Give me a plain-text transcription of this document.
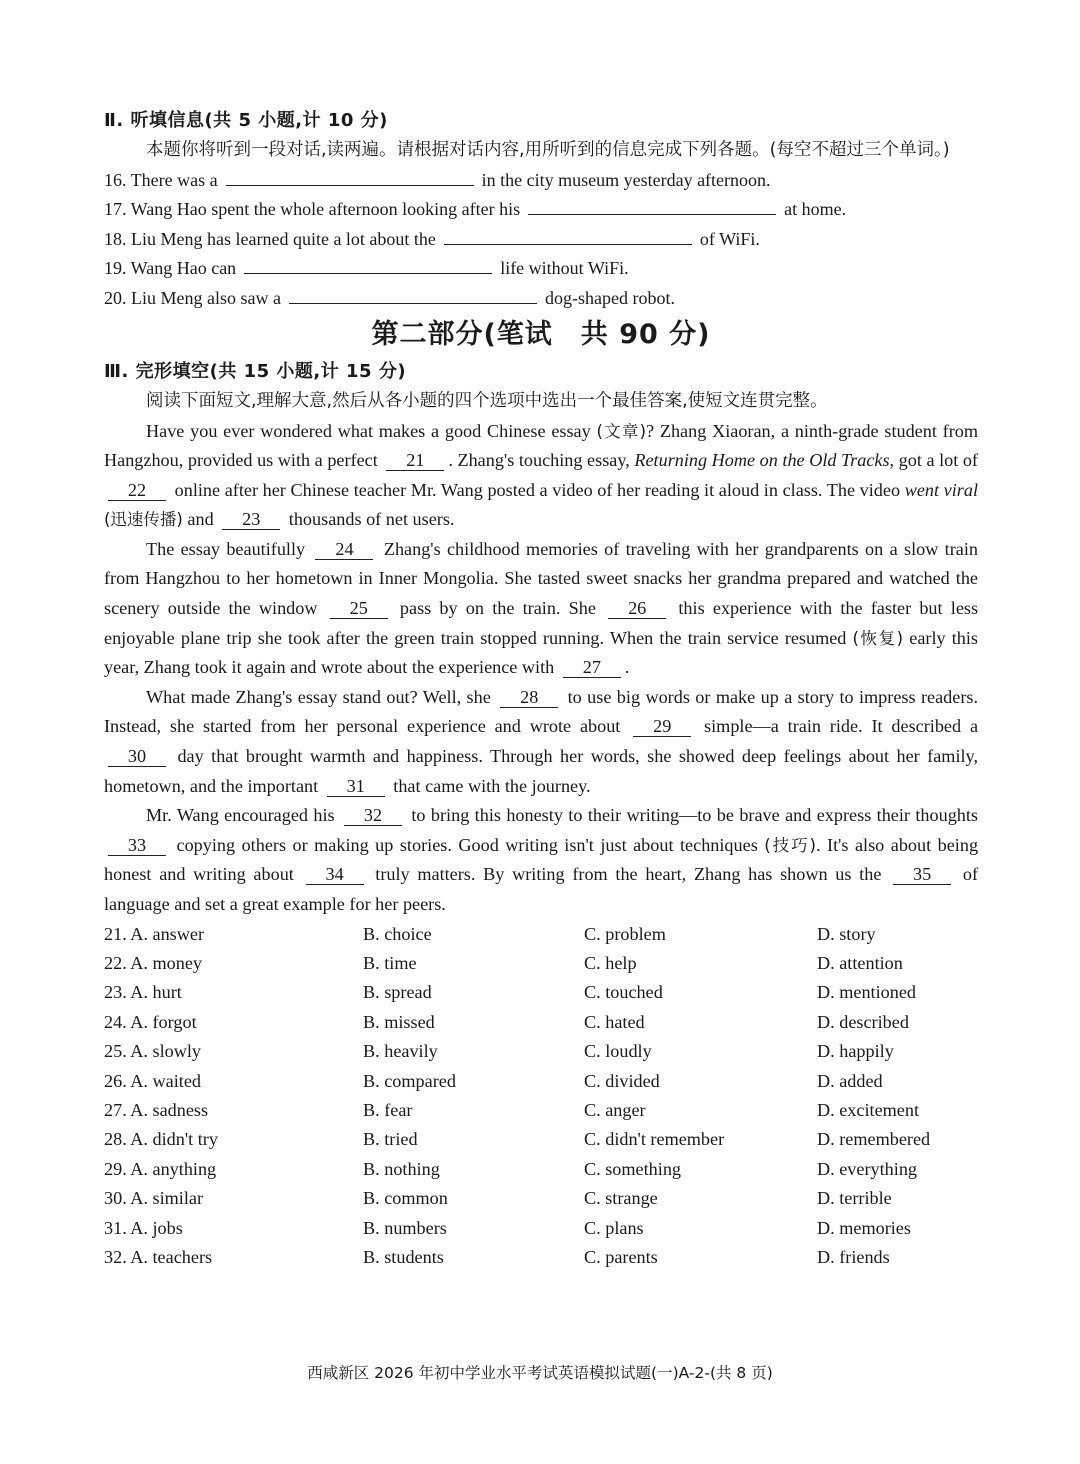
Ⅱ. 听填信息(共 5 小题,计 10 分)
本题你将听到一段对话,读两遍。请根据对话内容,用所听到的信息完成下列各题。(每空不超过三个单词。)
16. There was a	in the city museum yesterday afternoon.
17. Wang Hao spent the whole afternoon looking after his	at home.
18. Liu Meng has learned quite a lot about the	of WiFi.
19. Wang Hao can	life without WiFi.
20. Liu Meng also saw a	dog-shaped robot.
第二部分(笔试　共 90 分)
Ⅲ. 完形填空(共 15 小题,计 15 分)
阅读下面短文,理解大意,然后从各小题的四个选项中选出一个最佳答案,使短文连贯完整。

Have you ever wondered what makes a good Chinese essay (文章)? Zhang Xiaoran, a ninth-grade student from Hangzhou, provided us with a perfect 21 . Zhang's touching essay, Returning Home on the Old Tracks, got a lot of 22 online after her Chinese teacher Mr. Wang posted a video of her reading it aloud in class. The video went viral (迅速传播) and 23 thousands of net users.

The essay beautifully 24 Zhang's childhood memories of traveling with her grandparents on a slow train from Hangzhou to her hometown in Inner Mongolia. She tasted sweet snacks her grandma prepared and watched the scenery outside the window 25 pass by on the train. She 26 this experience with the faster but less enjoyable plane trip she took after the green train stopped running. When the train service resumed (恢复) early this year, Zhang took it again and wrote about the experience with 27 .

What made Zhang's essay stand out? Well, she 28 to use big words or make up a story to impress readers. Instead, she started from her personal experience and wrote about 29 simple—a train ride. It described a 30 day that brought warmth and happiness. Through her words, she showed deep feelings about her family, hometown, and the important 31 that came with the journey.

Mr. Wang encouraged his 32 to bring this honesty to their writing—to be brave and express their thoughts 33 copying others or making up stories. Good writing isn't just about techniques (技巧). It's also about being honest and writing about 34 truly matters. By writing from the heart, Zhang has shown us the 35 of language and set a great example for her peers.

21. A. answer	B. choice	C. problem	D. story
22. A. money	B. time	C. help	D. attention
23. A. hurt	B. spread	C. touched	D. mentioned
24. A. forgot	B. missed	C. hated	D. described
25. A. slowly	B. heavily	C. loudly	D. happily
26. A. waited	B. compared	C. divided	D. added
27. A. sadness	B. fear	C. anger	D. excitement
28. A. didn't try	B. tried	C. didn't remember	D. remembered
29. A. anything	B. nothing	C. something	D. everything
30. A. similar	B. common	C. strange	D. terrible
31. A. jobs	B. numbers	C. plans	D. memories
32. A. teachers	B. students	C. parents	D. friends
西咸新区 2026 年初中学业水平考试英语模拟试题(一)A-2-(共 8 页)
